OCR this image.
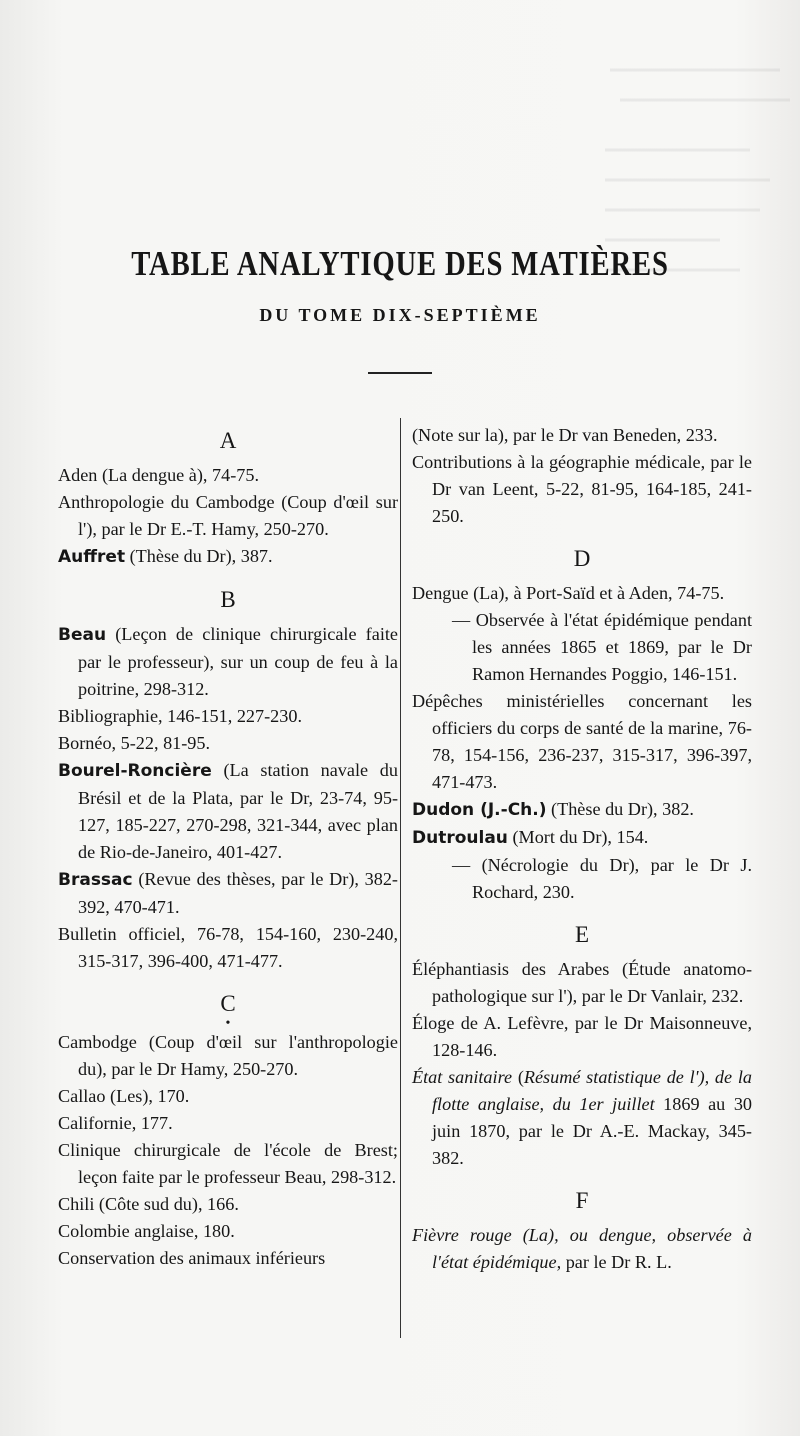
TABLE ANALYTIQUE DES MATIÈRES
DU TOME DIX-SEPTIÈME
A
Aden (La dengue à), 74-75.
Anthropologie du Cambodge (Coup d'œil sur l'), par le Dr E.-T. Hamy, 250-270.
Auffret (Thèse du Dr), 387.
B
Beau (Leçon de clinique chirurgicale faite par le professeur), sur un coup de feu à la poitrine, 298-312.
Bibliographie, 146-151, 227-230.
Bornéo, 5-22, 81-95.
Bourel-Roncière (La station navale du Brésil et de la Plata, par le Dr, 23-74, 95-127, 185-227, 270-298, 321-344, avec plan de Rio-de-Janeiro, 401-427.
Brassac (Revue des thèses, par le Dr), 382-392, 470-471.
Bulletin officiel, 76-78, 154-160, 230-240, 315-317, 396-400, 471-477.
C
•
Cambodge (Coup d'œil sur l'anthropologie du), par le Dr Hamy, 250-270.
Callao (Les), 170.
Californie, 177.
Clinique chirurgicale de l'école de Brest; leçon faite par le professeur Beau, 298-312.
Chili (Côte sud du), 166.
Colombie anglaise, 180.
Conservation des animaux inférieurs
(Note sur la), par le Dr van Beneden, 233.
Contributions à la géographie médicale, par le Dr van Leent, 5-22, 81-95, 164-185, 241-250.
D
Dengue (La), à Port-Saïd et à Aden, 74-75.
— Observée à l'état épidémique pendant les années 1865 et 1869, par le Dr Ramon Hernandes Poggio, 146-151.
Dépêches ministérielles concernant les officiers du corps de santé de la marine, 76-78, 154-156, 236-237, 315-317, 396-397, 471-473.
Dudon (J.-Ch.) (Thèse du Dr), 382.
Dutroulau (Mort du Dr), 154.
— (Nécrologie du Dr), par le Dr J. Rochard, 230.
E
Éléphantiasis des Arabes (Étude anatomo-pathologique sur l'), par le Dr Vanlair, 232.
Éloge de A. Lefèvre, par le Dr Maisonneuve, 128-146.
État sanitaire (Résumé statistique de l'), de la flotte anglaise, du 1er juillet 1869 au 30 juin 1870, par le Dr A.-E. Mackay, 345-382.
F
Fièvre rouge (La), ou dengue, observée à l'état épidémique, par le Dr R. L.
